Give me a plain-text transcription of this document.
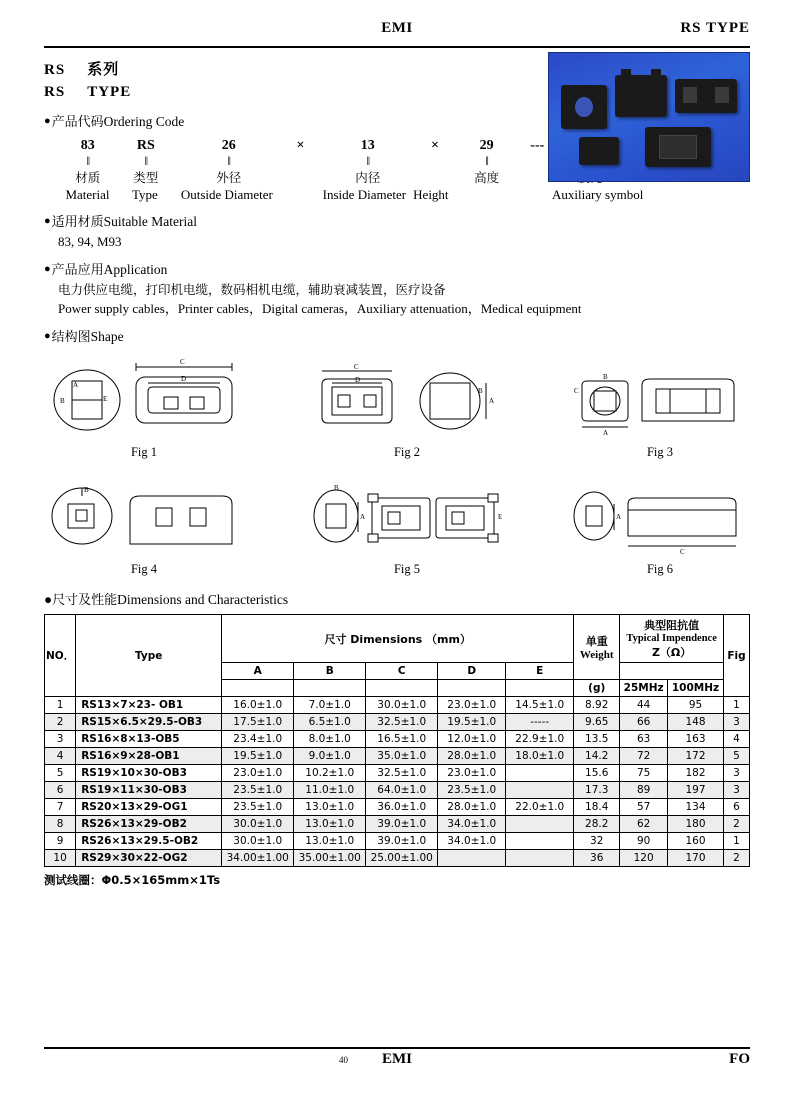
EMI	RS TYPE
RS 系列
RS TYPE
●产品代码Ordering Code
83	RS	26	×	13	×	29	---
‖	‖	‖	‖	‖
材质	类型	外径	内径	高度
Material	Type	Outside Diameter	Inside Diameter Height	Auxiliary symbol
●适用材质Suitable Material
83, 94, M93
●产品应用Application
电力供应电缆，打印机电缆，数码相机电缆，辅助衰减装置，医疗设备
Power supply cables，Printer cables，Digital cameras，Auxiliary attenuation，Medical equipment
●结构图Shape
A
E
B
C
D
Fig 1
C
D
A
B
Fig 2
B
C
A
Fig 3
B
Fig 4
A
B
E
Fig 5
A
C
Fig 6
●尺寸及性能Dimensions and Characteristics
NO．	Type	尺寸 Dimensions （mm）	单重
Weight

典型阻抗值
Typical Impendence
Z（Ω）	Fig
		A	B	C	D	E				
							(g)	25MHz	100MHz	
1	RS13×7×23- OB1	16.0±1.0	7.0±1.0	30.0±1.0	23.0±1.0	14.5±1.0	8.92	44	95	1
2	RS15×6.5×29.5-OB3	17.5±1.0	6.5±1.0	32.5±1.0	19.5±1.0	-----	9.65	66	148	3
3	RS16×8×13-OB5	23.4±1.0	8.0±1.0	16.5±1.0	12.0±1.0	22.9±1.0	13.5	63	163	4
4	RS16×9×28-OB1	19.5±1.0	9.0±1.0	35.0±1.0	28.0±1.0	18.0±1.0	14.2	72	172	5
5	RS19×10×30-OB3	23.0±1.0	10.2±1.0	32.5±1.0	23.0±1.0		15.6	75	182	3
6	RS19×11×30-OB3	23.5±1.0	11.0±1.0	64.0±1.0	23.5±1.0		17.3	89	197	3
7	RS20×13×29-OG1	23.5±1.0	13.0±1.0	36.0±1.0	28.0±1.0	22.0±1.0	18.4	57	134	6
8	RS26×13×29-OB2	30.0±1.0	13.0±1.0	39.0±1.0	34.0±1.0		28.2	62	180	2
9	RS26×13×29.5-OB2	30.0±1.0	13.0±1.0	39.0±1.0	34.0±1.0		32	90	160	1
10	RS29×30×22-OG2	34.00±1.00	35.00±1.00	25.00±1.00			36	120	170	2
测试线圈：Φ0.5×165mm×1Ts
40 EMI	FO
